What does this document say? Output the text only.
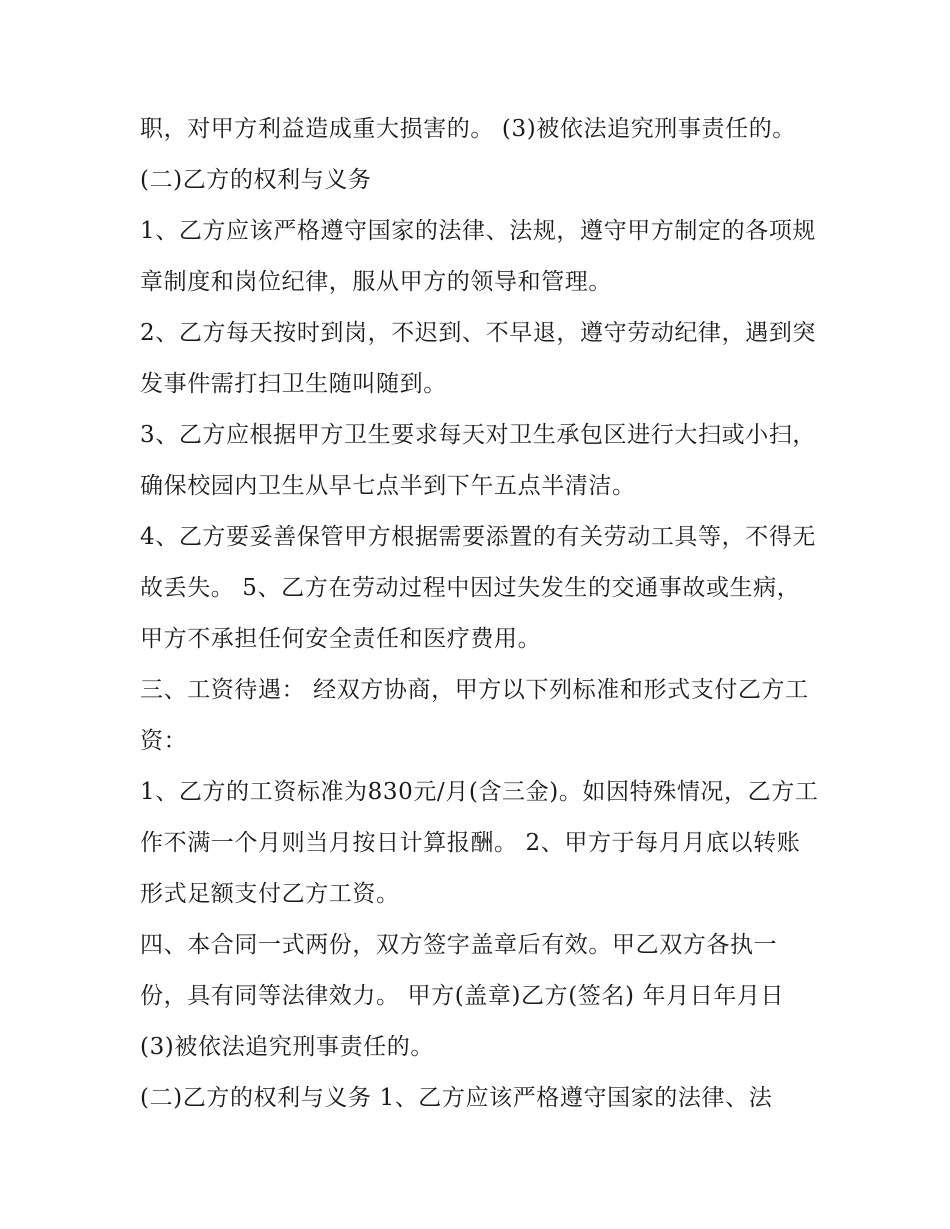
职，对甲方利益造成重大损害的。 (3)被依法追究刑事责任的。 (二)乙方的权利与义务

1、乙方应该严格遵守国家的法律、法规，遵守甲方制定的各项规章制度和岗位纪律，服从甲方的领导和管理。

2、乙方每天按时到岗，不迟到、不早退，遵守劳动纪律，遇到突发事件需打扫卫生随叫随到。

3、乙方应根据甲方卫生要求每天对卫生承包区进行大扫或小扫，确保校园内卫生从早七点半到下午五点半清洁。

4、乙方要妥善保管甲方根据需要添置的有关劳动工具等，不得无故丢失。 5、乙方在劳动过程中因过失发生的交通事故或生病，甲方不承担任何安全责任和医疗费用。

三、工资待遇： 经双方协商，甲方以下列标准和形式支付乙方工资：

1、乙方的工资标准为830元/月(含三金)。如因特殊情况，乙方工作不满一个月则当月按日计算报酬。 2、甲方于每月月底以转账形式足额支付乙方工资。

四、本合同一式两份，双方签字盖章后有效。甲乙双方各执一份，具有同等法律效力。 甲方(盖章)乙方(签名) 年月日年月日 (3)被依法追究刑事责任的。

(二)乙方的权利与义务 1、乙方应该严格遵守国家的法律、法
